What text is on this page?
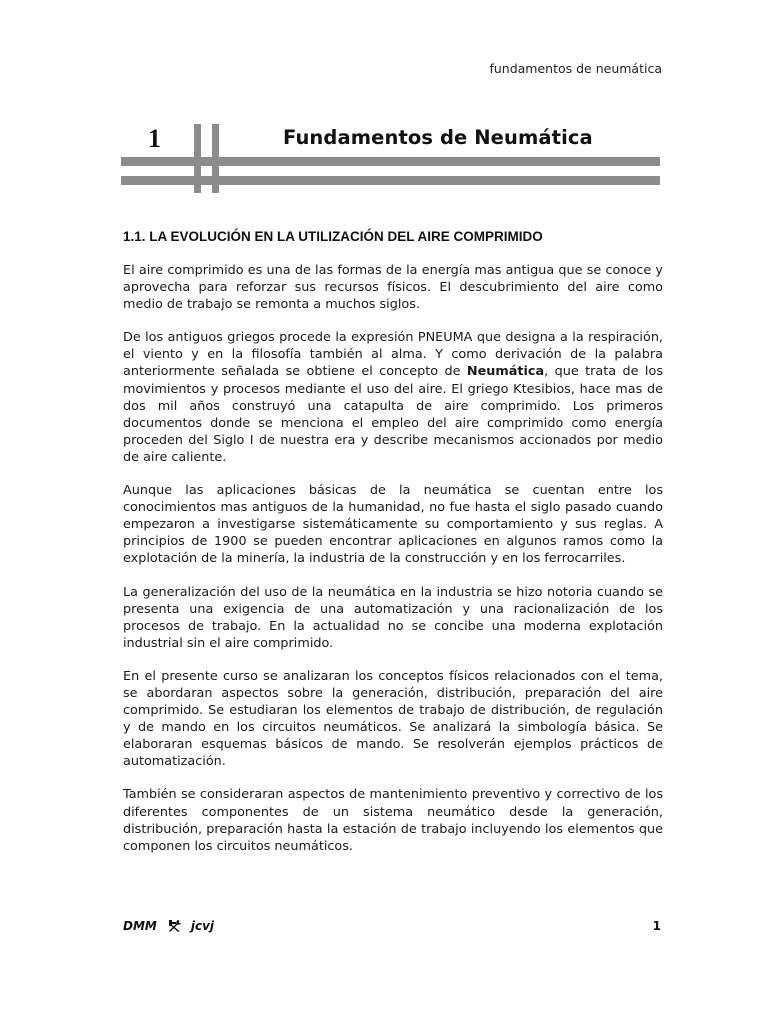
fundamentos de neumática
1	Fundamentos de Neumática
1.1. LA EVOLUCIÓN EN LA UTILIZACIÓN DEL AIRE COMPRIMIDO

El aire comprimido es una de las formas de la energía mas antigua que se conoce y aprovecha para reforzar sus recursos físicos. El descubrimiento del aire como medio de trabajo se remonta a muchos siglos.

De los antiguos griegos procede la expresión PNEUMA que designa a la respiración, el viento y en la filosofía también al alma. Y como derivación de la palabra anteriormente señalada se obtiene el concepto de Neumática, que trata de los movimientos y procesos mediante el uso del aire. El griego Ktesibios, hace mas de dos mil años construyó una catapulta de aire comprimido. Los primeros documentos donde se menciona el empleo del aire comprimido como energía proceden del Siglo I de nuestra era y describe mecanismos accionados por medio de aire caliente.

Aunque las aplicaciones básicas de la neumática se cuentan entre los conocimientos mas antiguos de la humanidad, no fue hasta el siglo pasado cuando empezaron a investigarse sistemáticamente su comportamiento y sus reglas. A principios de 1900 se pueden encontrar aplicaciones en algunos ramos como la explotación de la minería, la industria de la construcción y en los ferrocarriles.

La generalización del uso de la neumática en la industria se hizo notoria cuando se presenta una exigencia de una automatización y una racionalización de los procesos de trabajo. En la actualidad no se concibe una moderna explotación industrial sin el aire comprimido.

En el presente curso se analizaran los conceptos físicos relacionados con el tema, se abordaran aspectos sobre la generación, distribución, preparación del aire comprimido. Se estudiaran los elementos de trabajo de distribución, de regulación y de mando en los circuitos neumáticos. Se analizará la simbología básica. Se elaboraran esquemas básicos de mando. Se resolverán ejemplos prácticos de automatización.

También se consideraran aspectos de mantenimiento preventivo y correctivo de los diferentes componentes de un sistema neumático desde la generación, distribución, preparación hasta la estación de trabajo incluyendo los elementos que componen los circuitos neumáticos.

DMM	jcvj	1
